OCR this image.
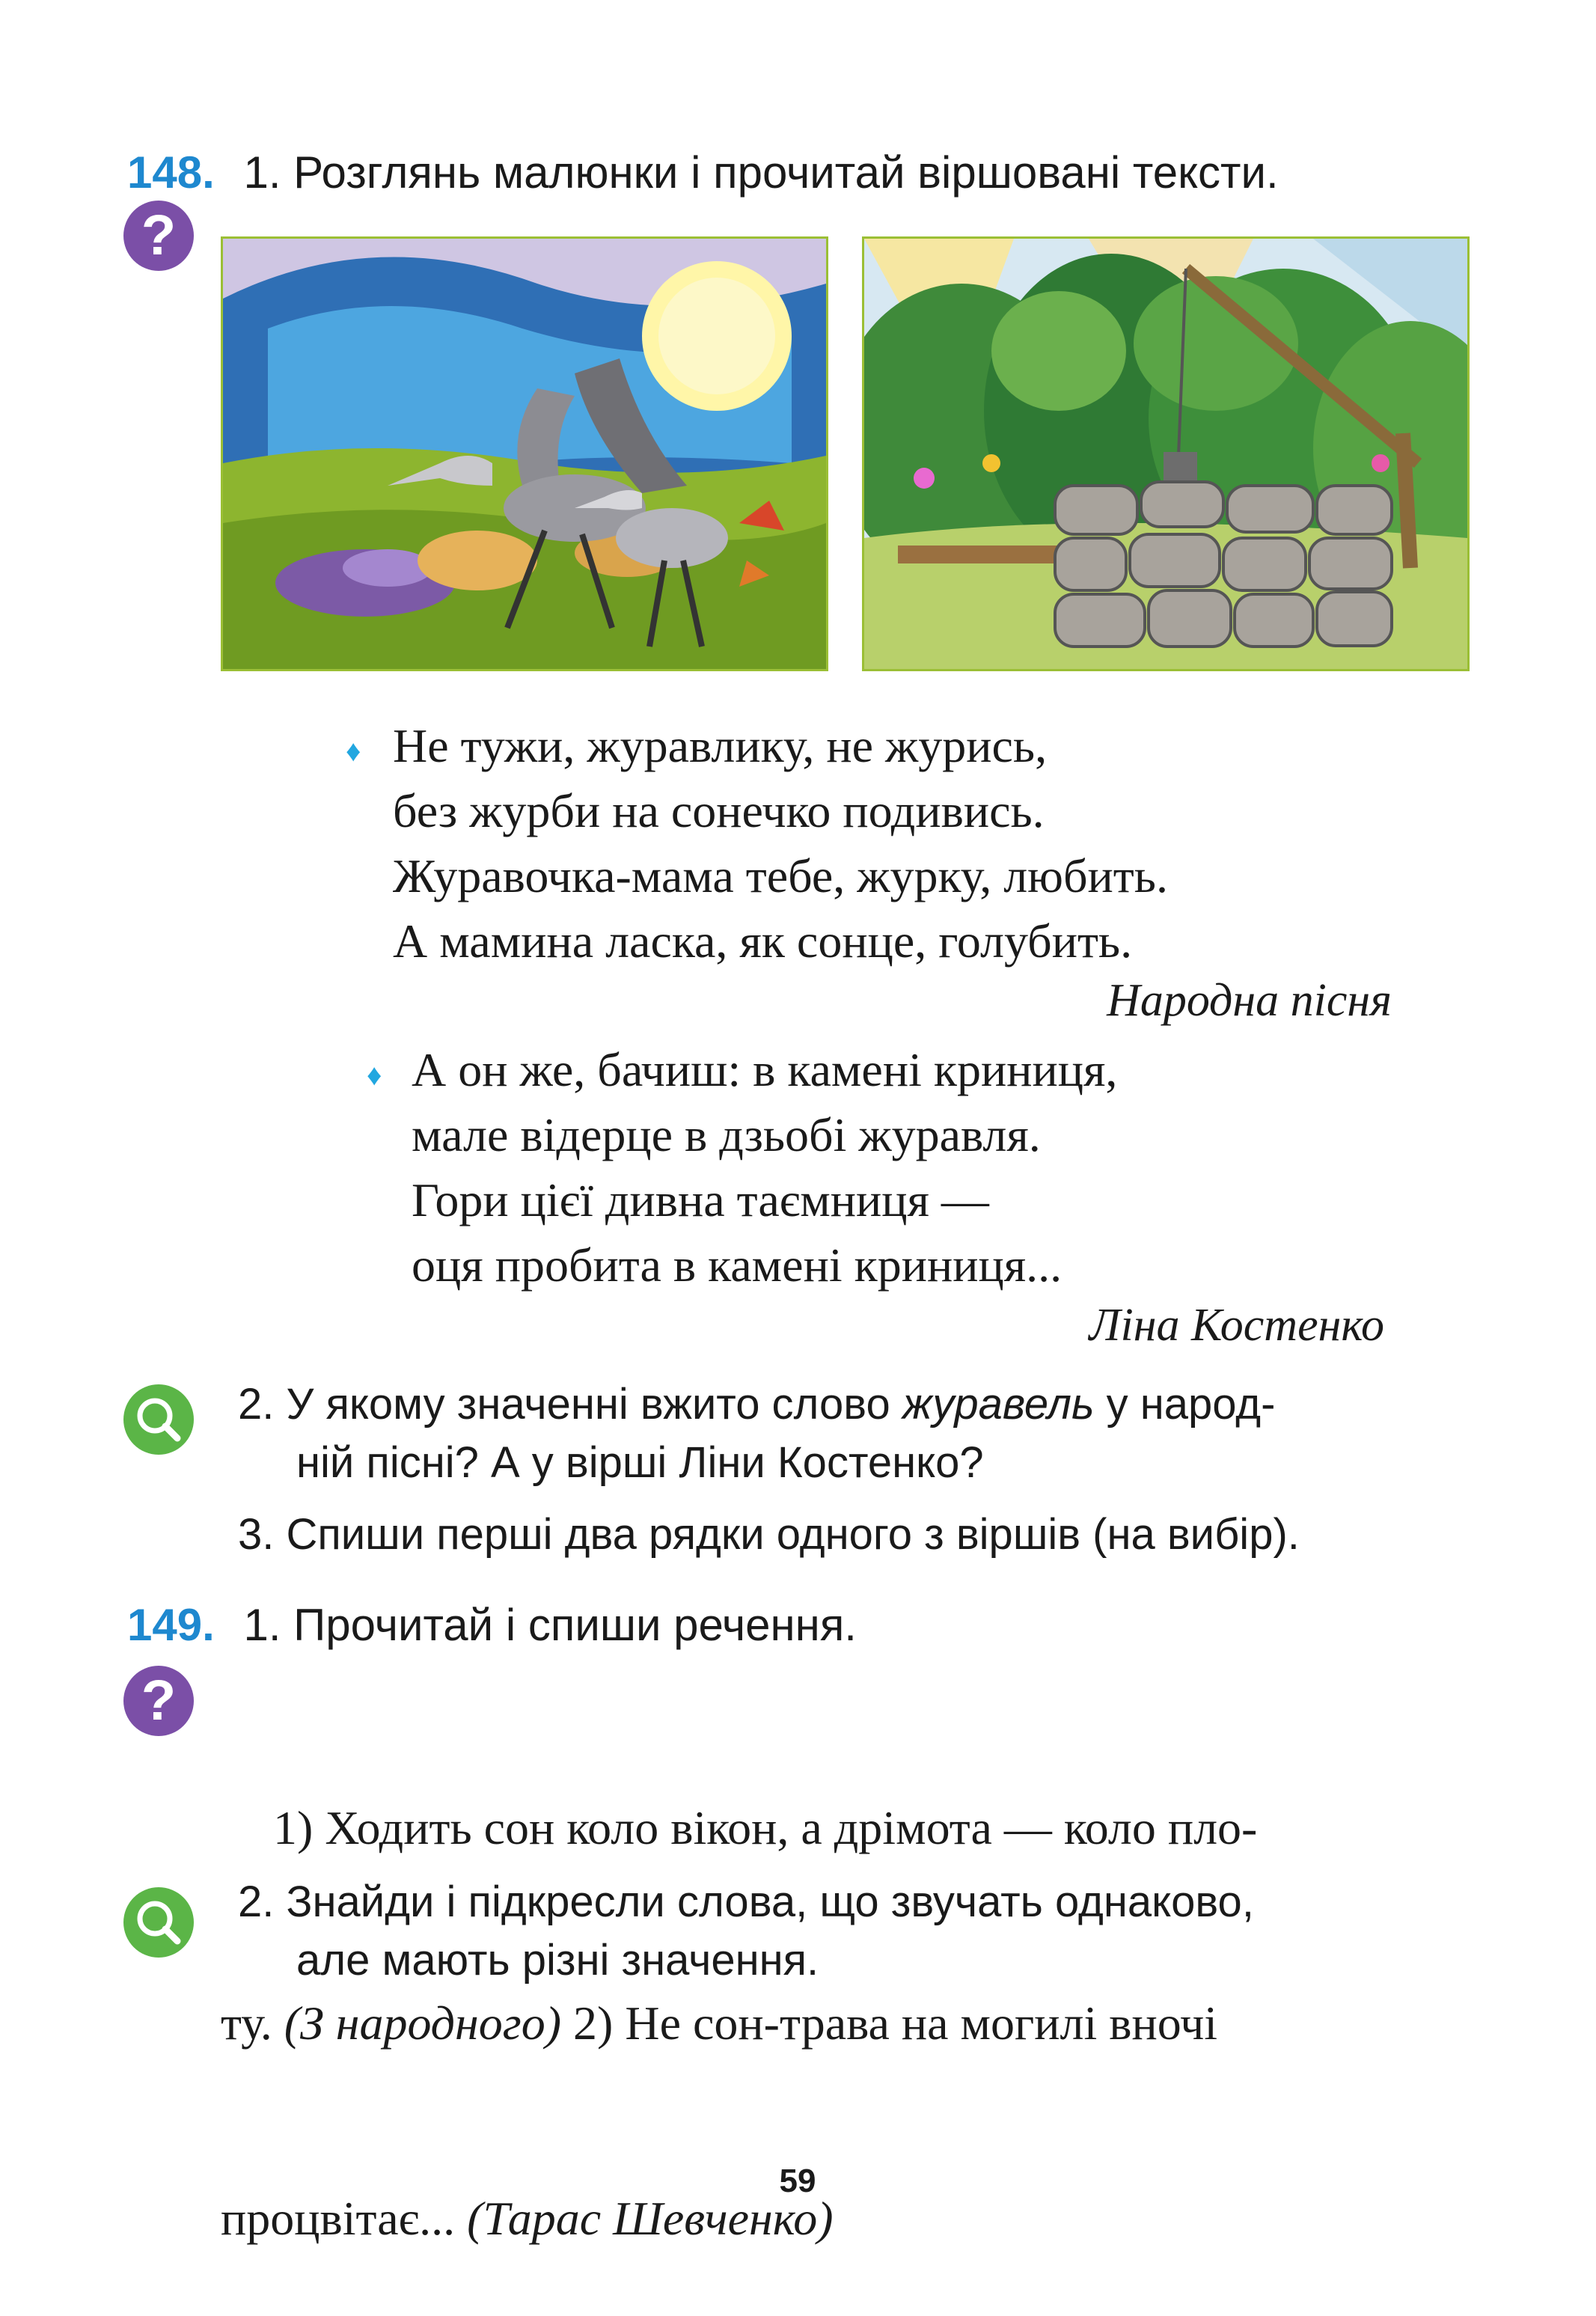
148. 1. Розглянь малюнки і прочитай віршовані тексти.
?
♦ Не тужи, журавлику, не журись,
без журби на сонечко подивись.
Журавочка-мама тебе, журку, любить.
А мамина ласка, як сонце, голубить.
Народна пісня
♦ А он же, бачиш: в камені криниця,
мале відерце в дзьобі журавля.
Гори цієї дивна таємниця —
оця пробита в камені криниця...
Ліна Костенко
2. У якому значенні вжито слово журавель у народ-
ній пісні? А у вірші Ліни Костенко?
3. Спиши перші два рядки одного з віршів (на вибір).
149. 1. Прочитай і спиши речення.
?

1) Ходить сон коло вікон, а дрімота — коло пло-

ту. (З народного) 2) Не сон-трава на могилі вночі

процвітає... (Тарас Шевченко)

2. Знайди і підкресли слова, що звучать однаково,
але мають різні значення.
59
